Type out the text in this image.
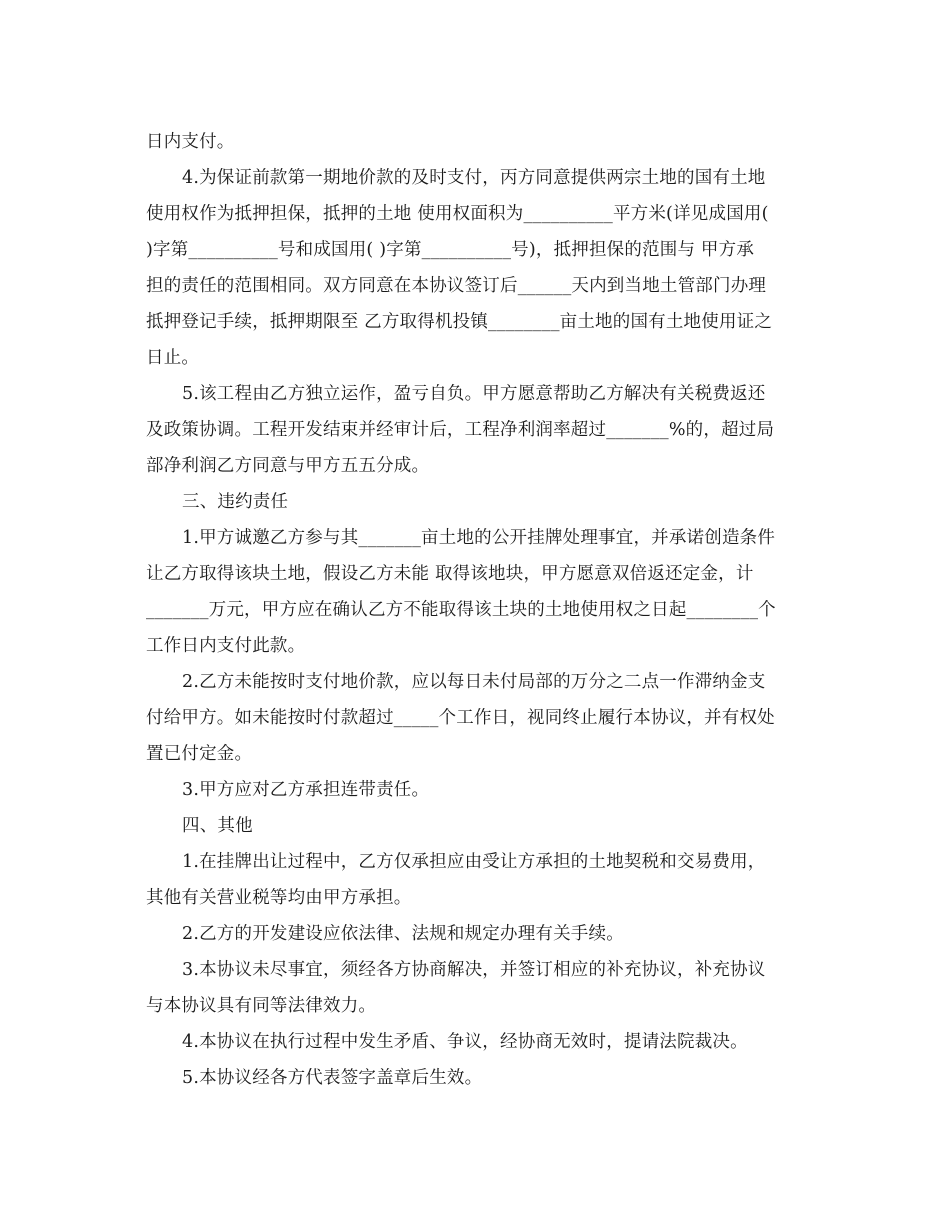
日内支付。
4.为保证前款第一期地价款的及时支付，丙方同意提供两宗土地的国有土地
使用权作为抵押担保，抵押的土地 使用权面积为__________平方米(详见成国用(
)字第__________号和成国用( )字第__________号)，抵押担保的范围与 甲方承
担的责任的范围相同。双方同意在本协议签订后______天内到当地土管部门办理
抵押登记手续，抵押期限至 乙方取得机投镇________亩土地的国有土地使用证之
日止。
5.该工程由乙方独立运作，盈亏自负。甲方愿意帮助乙方解决有关税费返还
及政策协调。工程开发结束并经审计后，工程净利润率超过_______%的，超过局
部净利润乙方同意与甲方五五分成。
三、违约责任
1.甲方诚邀乙方参与其_______亩土地的公开挂牌处理事宜，并承诺创造条件
让乙方取得该块土地，假设乙方未能 取得该地块，甲方愿意双倍返还定金，计
_______万元，甲方应在确认乙方不能取得该土块的土地使用权之日起________个
工作日内支付此款。
2.乙方未能按时支付地价款，应以每日未付局部的万分之二点一作滞纳金支
付给甲方。如未能按时付款超过_____个工作日，视同终止履行本协议，并有权处
置已付定金。
3.甲方应对乙方承担连带责任。
四、其他
1.在挂牌出让过程中，乙方仅承担应由受让方承担的土地契税和交易费用，
其他有关营业税等均由甲方承担。
2.乙方的开发建设应依法律、法规和规定办理有关手续。
3.本协议未尽事宜，须经各方协商解决，并签订相应的补充协议，补充协议
与本协议具有同等法律效力。
4.本协议在执行过程中发生矛盾、争议，经协商无效时，提请法院裁决。
5.本协议经各方代表签字盖章后生效。
